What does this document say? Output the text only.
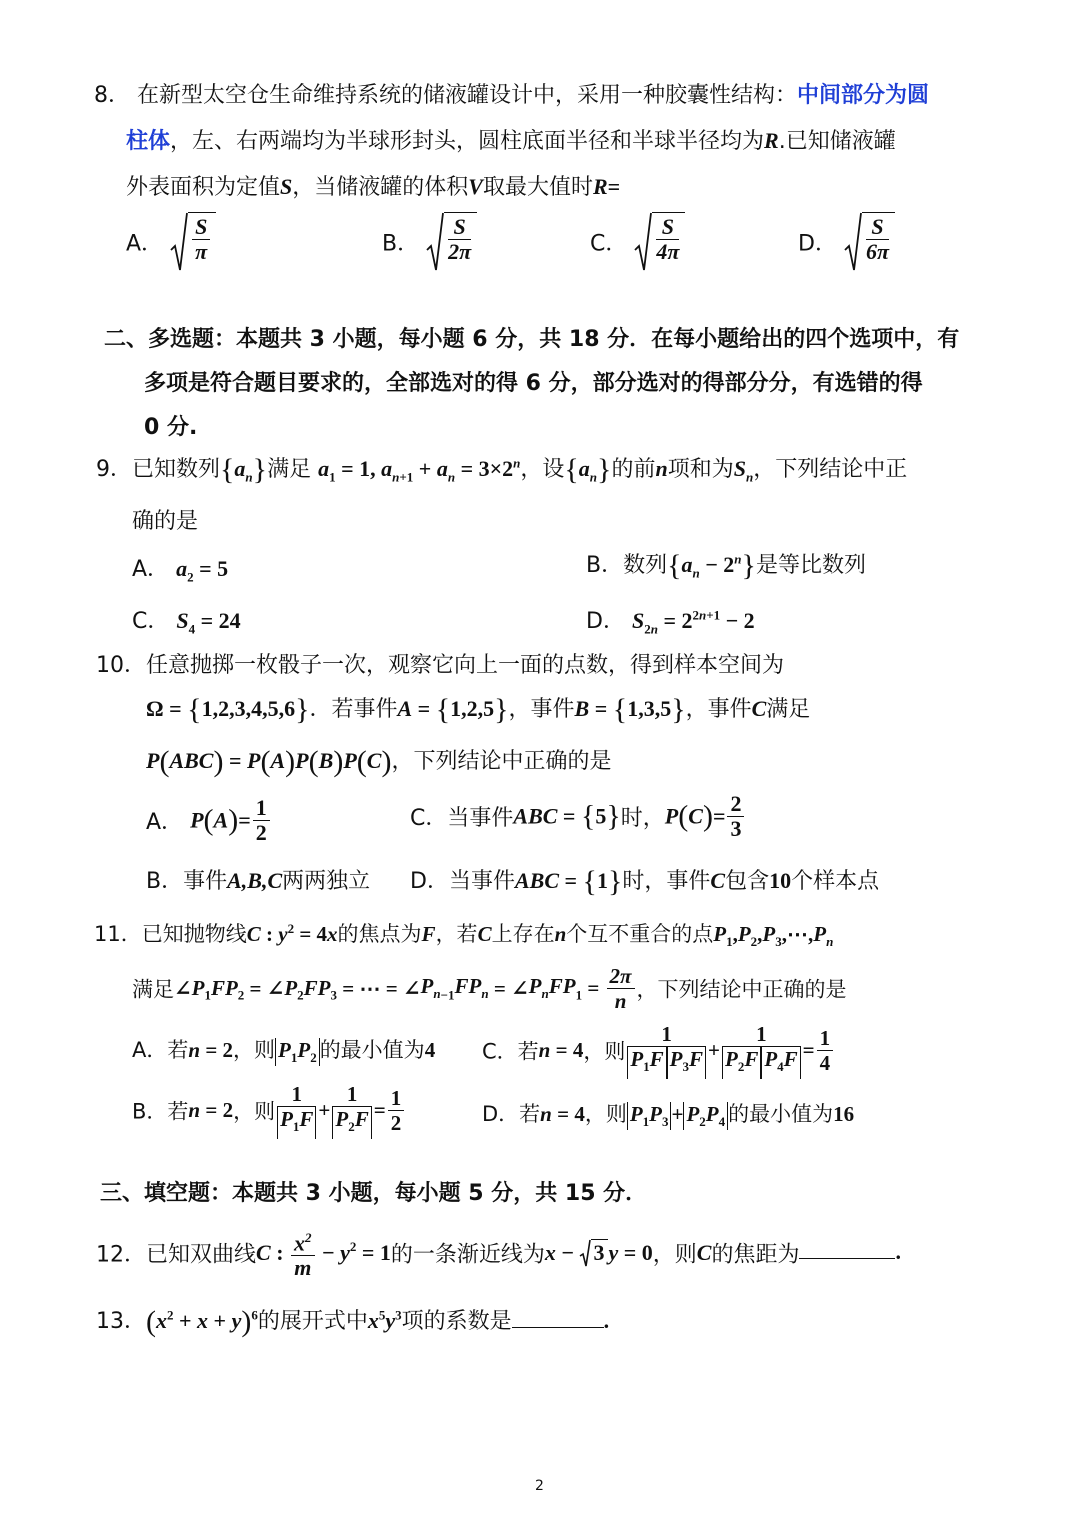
8． 在新型太空仓生命维持系统的储液罐设计中，采用一种胶囊性结构：中间部分为圆
柱体，左、右两端均为半球形封头，圆柱底面半径和半球半径均为R.已知储液罐
外表面积为定值S，当储液罐的体积V取最大值时R=
A． $\frac{S}{\pi}$	B． $\frac{S}{2\pi}$	C． $\frac{S}{4\pi}$	D． $\frac{S}{6\pi}$
二、多选题：本题共 3 小题，每小题 6 分，共 18 分．在每小题给出的四个选项中，有
多项是符合题目要求的，全部选对的得 6 分，部分选对的得部分分，有选错的得
0 分.
9．已知数列$\{a_n\}$满足 $a_1 = 1$, $a_{n+1} + a_n = 3\times 2^n$，设$\{a_n\}$的前n项和为$S_n$，下列结论中正
确的是
A． $a_2 = 5$	B．数列$\{a_n - 2^n\}$是等比数列
C． $S_4 = 24$	D． $S_{2n} = 2^{2n+1} - 2$
10．任意抛掷一枚骰子一次，观察它向上一面的点数，得到样本空间为
Ω = {1,2,3,4,5,6}．若事件A = {1,2,5}，事件B = {1,3,5}，事件C满足
P(ABC) = P(A)P(B)P(C)，下列结论中正确的是
A． $P(A)= \frac{1}{2}$	C．当事件ABC = {5}时，$P(C)= \frac{2}{3}$
B．事件A,B,C两两独立 D．当事件ABC = {1}时，事件C包含10个样本点
11．已知抛物线C : $y^2 = 4x$的焦点为F，若C上存在n个互不重合的点$P_1,P_2,P_3,\cdots,P_n$
满足$\angle P_1FP_2$ = $\angle P_2FP_3$ = ⋯ = $\angle P_{n-1}FP_n$ = $\angle P_nFP_1 = \frac{2\pi}{n}$ ，下列结论中正确的是
A．若n = 2，则 $P_1P_2$ 的最小值为4 C．若n = 4，则 $\frac{1}{P_1F P_3F} + \frac{1}{P_2F P_4F} = \frac{1}{4}$
B．若n = 2，则 $\frac{1}{P_1F} + \frac{1}{P_2F} = \frac{1}{2}$	D．若n = 4，则 $P_1P_3 + P_2P_4$ 的最小值为16
三、填空题：本题共 3 小题，每小题 5 分，共 15 分．
12．已知双曲线C : $\frac{x^2}{m} - y^2 = 1$的一条渐近线为x − 3 y = 0，则C的焦距为	.
13．$(x^2 + x + y)^6$的展开式中$x^5y^3$项的系数是	.
2
